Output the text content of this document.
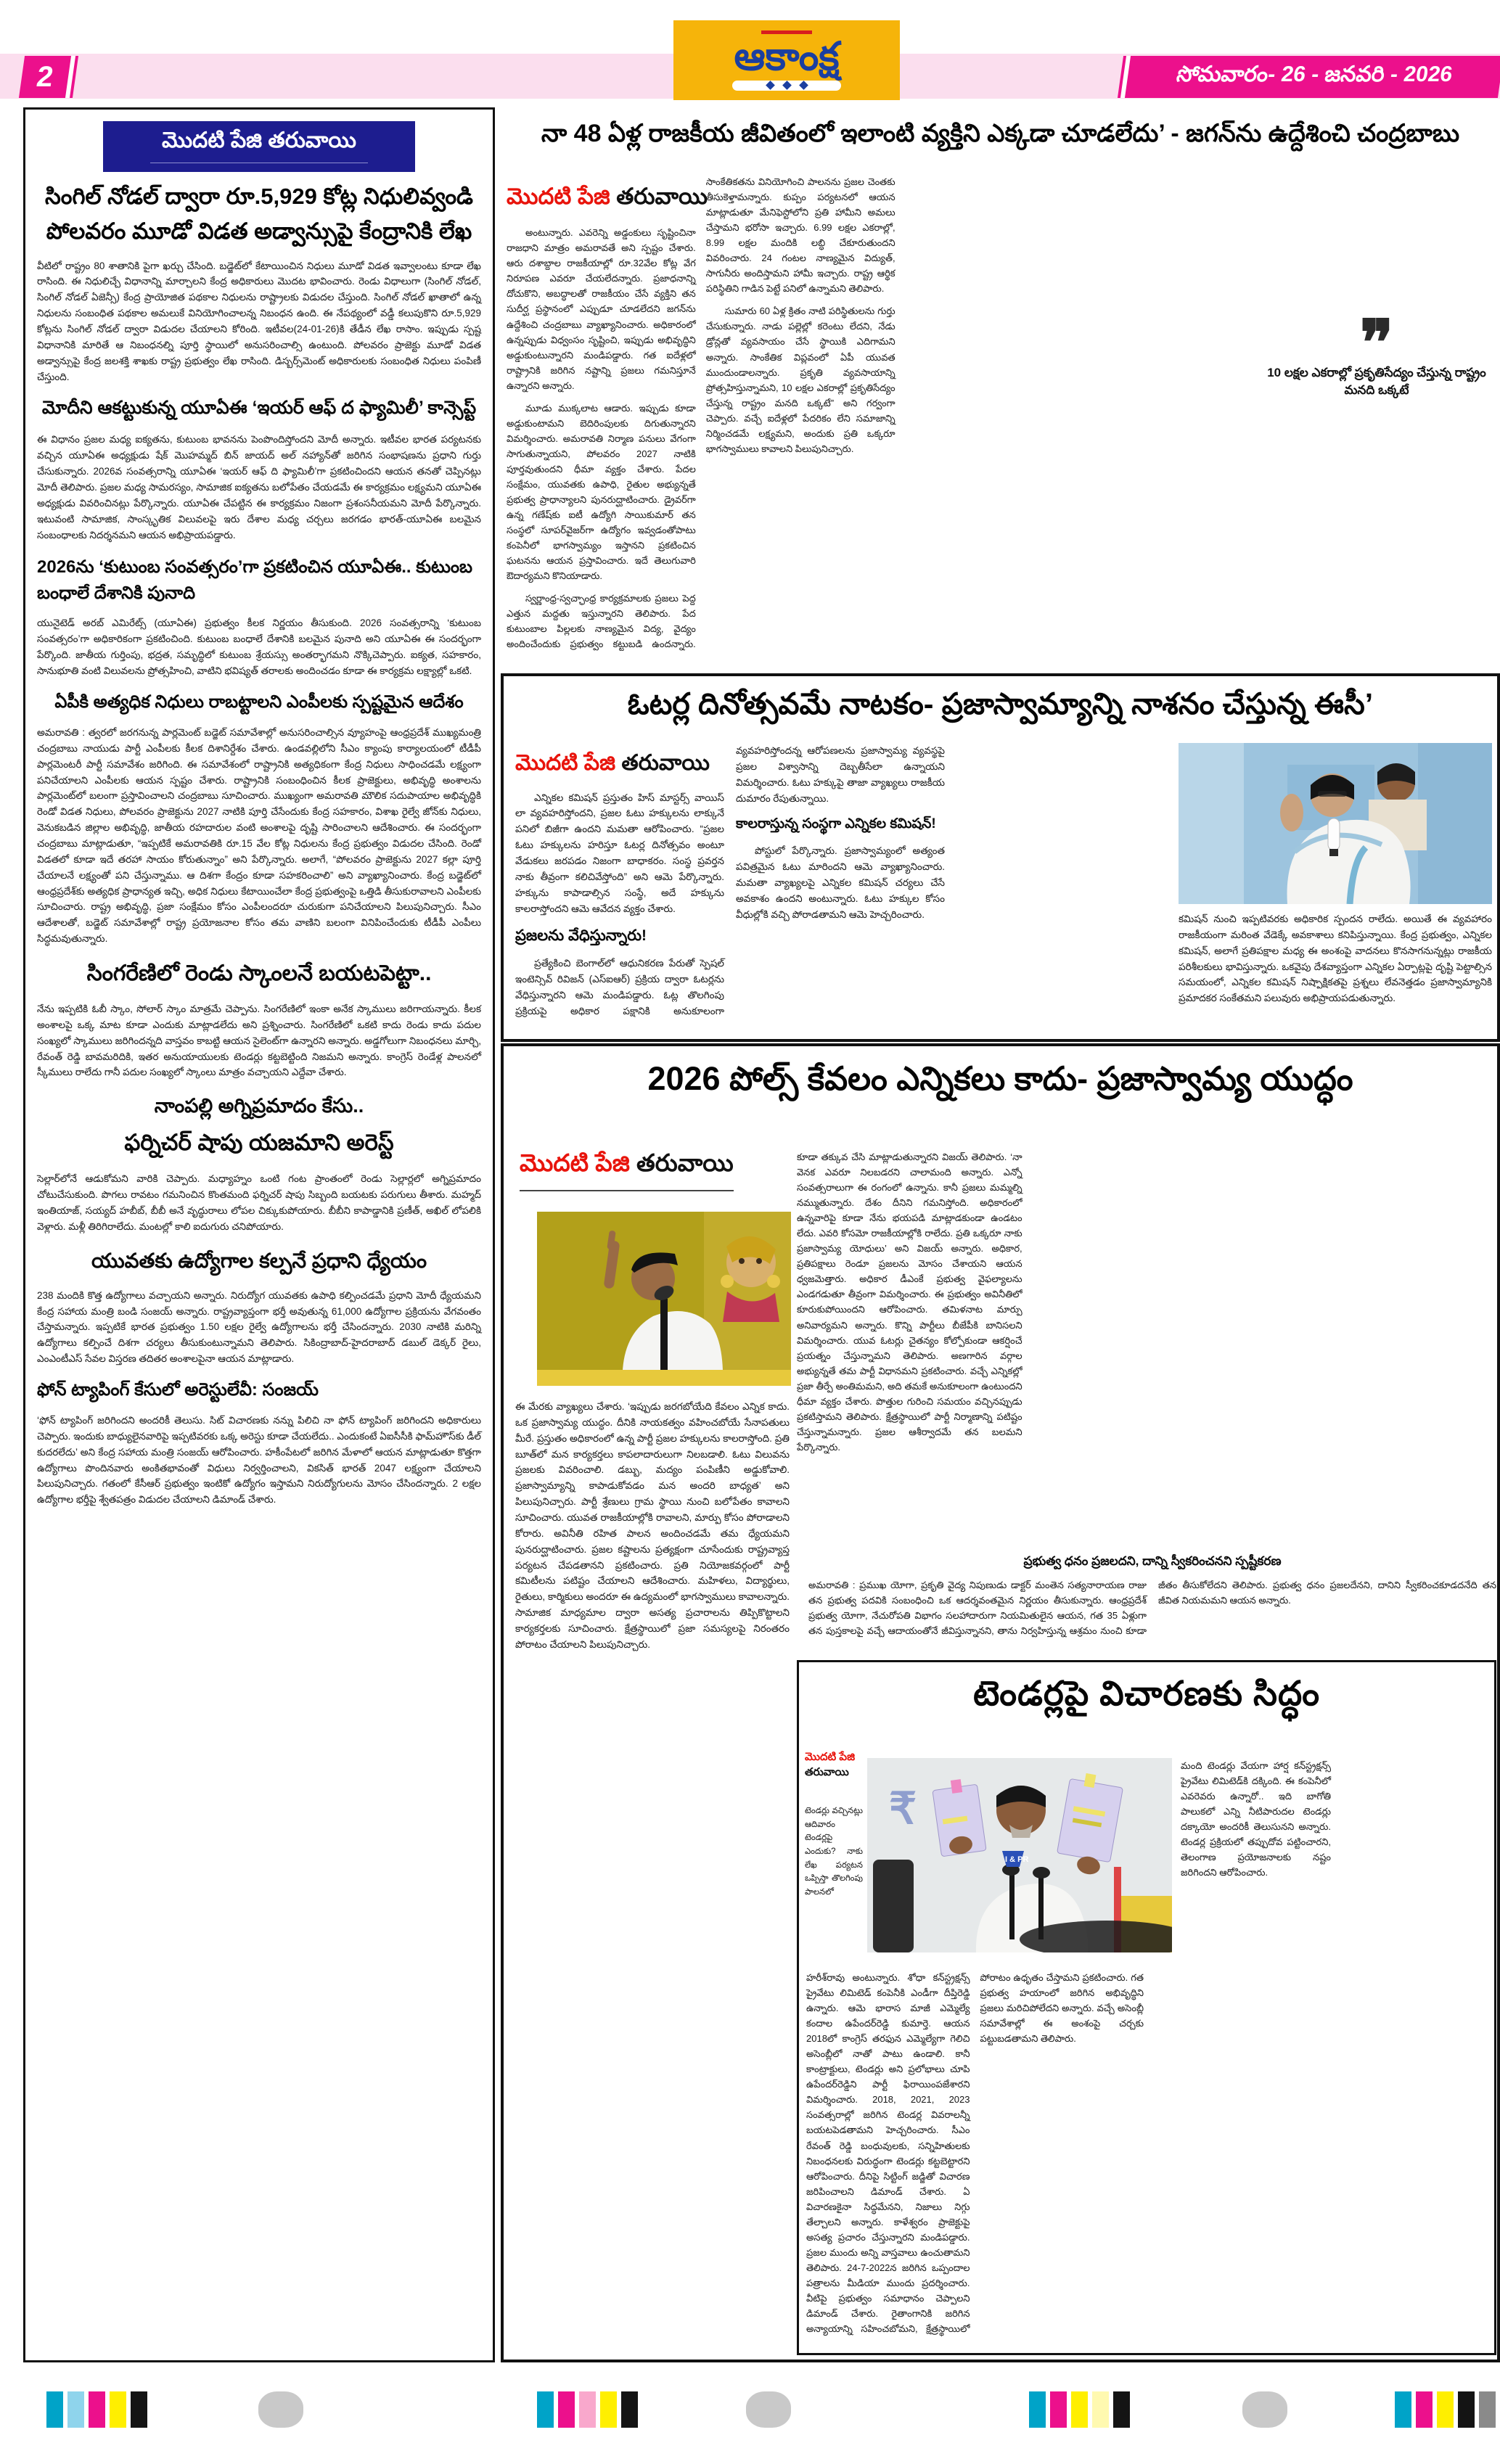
2	సోమవారం- 26 - జనవరి - 2026
ఆకాంక్ష
మొదటి పేజి తరువాయి
సింగిల్ నోడల్‌ ద్వారా రూ.5,929 కోట్ల నిధులివ్వండి
పోలవరం మూడో విడత అడ్వాన్సుపై కేంద్రానికి లేఖ
వీటిలో రాష్ట్రం 80 శాతానికి పైగా ఖర్చు చేసింది. బడ్జెట్‌లో కేటాయించిన నిధులు మూడో విడత ఇవ్వాలంటు కూడా లేఖ రాసింది. ఈ నిధులిచ్చే విధానాన్ని మార్చాలని కేంద్ర అధికారులు మొదట భావించారు. రెండు విధాలుగా (సింగిల్ నోడల్, సింగిల్ నోడల్ ఏజెన్సీ) కేంద్ర ప్రాయోజిత పథకాల నిధులను రాష్ట్రాలకు విడుదల చేస్తుంది. సింగిల్ నోడల్ ఖాతాలో ఉన్న నిధులను సంబంధిత పథకాల అమలుకే వినియోగించాలన్న నిబంధన ఉంది. ఈ నేపథ్యంలో వడ్డీ కలుపుకొని రూ.5,929 కోట్లను సింగిల్ నోడల్ ద్వారా విడుదల చేయాలని కోరింది. ఇటీవల(24-01-26)కి తేడీన లేఖ రాసాం. ఇప్పుడు స్పష్ట విధానానికి మారితే ఆ నిబంధనల్ని పూర్తి స్థాయిలో అనుసరించాల్సి ఉంటుంది. పోలవరం ప్రాజెక్టు మూడో విడత అడ్వాన్సుపై కేంద్ర జలశక్తి శాఖకు రాష్ట్ర ప్రభుత్వం లేఖ రాసింది. డిస్బర్స్‌మెంట్ అధికారులకు సంబంధిత నిధులు పంపిణీ చేస్తుంది.
మోదీని ఆకట్టుకున్న యూఏఈ ‘ఇయర్ ఆఫ్ ద ఫ్యామిలీ’ కాన్సెప్ట్
ఈ విధానం ప్రజల మధ్య ఐక్యతను, కుటుంబ భావనను పెంపొందిస్తోందని మోదీ అన్నారు. ఇటీవల భారత పర్యటనకు వచ్చిన యూఏఈ అధ్యక్షుడు షేక్ మొహమ్మద్ బిన్ జాయద్ అల్ నహ్యాన్‌తో జరిగిన సంభాషణను ప్రధాని గుర్తు చేసుకున్నారు. 2026వ సంవత్సరాన్ని యూఏఈ ‘ఇయర్ ఆఫ్ ది ఫ్యామిలీ’గా ప్రకటించిందని ఆయన తనతో చెప్పినట్లు మోదీ తెలిపారు. ప్రజల మధ్య సామరస్యం, సామాజిక ఐక్యతను బలోపేతం చేయడమే ఈ కార్యక్రమం లక్ష్యమని యూఏఈ అధ్యక్షుడు వివరించినట్లు పేర్కొన్నారు. యూఏఈ చేపట్టిన ఈ కార్యక్రమం నిజంగా ప్రశంసనీయమని మోదీ పేర్కొన్నారు. ఇటువంటి సామాజిక, సాంస్కృతిక విలువలపై ఇరు దేశాల మధ్య చర్చలు జరగడం భారత్-యూఏఈ బలమైన సంబంధాలకు నిదర్శనమని ఆయన అభిప్రాయపడ్డారు.
2026ను ‘కుటుంబ సంవత్సరం’గా ప్రకటించిన యూఏఈ.. కుటుంబ బంధాలే దేశానికి పునాది
యునైటెడ్ అరబ్ ఎమిరేట్స్ (యూఏఈ) ప్రభుత్వం కీలక నిర్ణయం తీసుకుంది. 2026 సంవత్సరాన్ని ‘కుటుంబ సంవత్సరం’గా అధికారికంగా ప్రకటించింది. కుటుంబ బంధాలే దేశానికి బలమైన పునాది అని యూఏఈ ఈ సందర్భంగా పేర్కొంది. జాతీయ గుర్తింపు, భద్రత, సమృద్ధిలో కుటుంబ శ్రేయస్సు అంతర్భాగమని నొక్కిచెప్పారు. ఐక్యత, సహకారం, సానుభూతి వంటి విలువలను ప్రోత్సహించి, వాటిని భవిష్యత్ తరాలకు అందించడం కూడా ఈ కార్యక్రమ లక్ష్యాల్లో ఒకటి.
ఏపీకి అత్యధిక నిధులు రాబట్టాలని ఎంపీలకు స్పష్టమైన ఆదేశం
అమరావతి : త్వరలో జరగనున్న పార్లమెంట్ బడ్జెట్ సమావేశాల్లో అనుసరించాల్సిన వ్యూహంపై ఆంధ్రప్రదేశ్ ముఖ్యమంత్రి చంద్రబాబు నాయుడు పార్టీ ఎంపీలకు కీలక దిశానిర్దేశం చేశారు. ఉండవల్లిలోని సీఎం క్యాంపు కార్యాలయంలో టీడీపీ పార్లమెంటరీ పార్టీ సమావేశం జరిగింది. ఈ సమావేశంలో రాష్ట్రానికి అత్యధికంగా కేంద్ర నిధులు సాధించడమే లక్ష్యంగా పనిచేయాలని ఎంపీలకు ఆయన స్పష్టం చేశారు. రాష్ట్రానికి సంబంధించిన కీలక ప్రాజెక్టులు, అభివృద్ధి అంశాలను పార్లమెంట్‌లో బలంగా ప్రస్తావించాలని చంద్రబాబు సూచించారు. ముఖ్యంగా అమరావతి మౌలిక సదుపాయాల అభివృద్ధికి రెండో విడత నిధులు, పోలవరం ప్రాజెక్టును 2027 నాటికి పూర్తి చేసేందుకు కేంద్ర సహకారం, విశాఖ రైల్వే జోన్‌కు నిధులు, వెనుకబడిన జిల్లాల అభివృద్ధి, జాతీయ రహదారుల వంటి అంశాలపై దృష్టి సారించాలని ఆదేశించారు. ఈ సందర్భంగా చంద్రబాబు మాట్లాడుతూ, “ఇప్పటికే అమరావతికి రూ.15 వేల కోట్ల నిధులను కేంద్ర ప్రభుత్వం విడుదల చేసింది. రెండో విడతలో కూడా ఇదే తరహా సాయం కోరుతున్నాం” అని పేర్కొన్నారు. అలాగే, “పోలవరం ప్రాజెక్టును 2027 కల్లా పూర్తి చేయాలనే లక్ష్యంతో పని చేస్తున్నాము. ఆ దిశగా కేంద్రం కూడా సహకరించాలి” అని వ్యాఖ్యానించారు. కేంద్ర బడ్జెట్‌లో ఆంధ్రప్రదేశ్‌కు అత్యధిక ప్రాధాన్యత ఇచ్చి, అధిక నిధులు కేటాయించేలా కేంద్ర ప్రభుత్వంపై ఒత్తిడి తీసుకురావాలని ఎంపీలకు సూచించారు. రాష్ట్ర అభివృద్ధి, ప్రజా సంక్షేమం కోసం ఎంపీలందరూ చురుకుగా పనిచేయాలని పిలుపునిచ్చారు. సీఎం ఆదేశాలతో, బడ్జెట్ సమావేశాల్లో రాష్ట్ర ప్రయోజనాల కోసం తమ వాణిని బలంగా వినిపించేందుకు టీడీపీ ఎంపీలు సిద్ధమవుతున్నారు.
సింగరేణిలో రెండు స్కాంలనే బయటపెట్టా..
నేను ఇప్పటికి ఓబీ స్కాం, సోలార్ స్కాం మాత్రమే చెప్పాను. సింగరేణిలో ఇంకా అనేక స్కాములు జరిగాయన్నారు. కీలక అంశాలపై ఒక్క మాట కూడా ఎందుకు మాట్లాడలేదు అని ప్రశ్నించారు. సింగరేణిలో ఒకటి కాదు రెండు కాదు పదుల సంఖ్యలో స్కాములు జరిగిందన్నది వాస్తవం కాబట్టి ఆయన సైలెంట్‌గా ఉన్నారని అన్నారు. అడ్డగోలుగా నిబంధనలు మార్చి, రేవంత్ రెడ్డి బావమరిదికి, ఇతర అనుయాయులకు టెండర్లు కట్టబెట్టింది నిజమని అన్నారు. కాంగ్రెస్ రెండేళ్ల పాలనలో స్కీములు రాలేదు గానీ పదుల సంఖ్యలో స్కాంలు మాత్రం వచ్చాయని ఎద్దేవా చేశారు.
నాంపల్లి అగ్నిప్రమాదం కేసు..
ఫర్నిచర్ షాపు యజమాని అరెస్ట్
సెల్లార్‌లోనే ఆడుకోమని వారికి చెప్పారు. మధ్యాహ్నం ఒంటి గంట ప్రాంతంలో రెండు సెల్లార్లలో అగ్నిప్రమాదం చోటుచేసుకుంది. పొగలు రావటం గమనించిన కొంతమంది ఫర్నిచర్ షాపు సిబ్బంది బయటకు పరుగులు తీశారు. మహ్మద్ ఇంతియాజ్, సయ్యద్ హబీబ్, బీబీ అనే వృద్ధురాలు లోపల చిక్కుకుపోయారు. బీబీని కాపాడ్డానికి ప్రణీత్, అఖిల్ లోపలికి వెళ్లారు. మళ్లీ తిరిగిరాలేదు. మంటల్లో కాలి ఐదుగురు చనిపోయారు.
యువతకు ఉద్యోగాల కల్పనే ప్రధాని ధ్యేయం
238 మందికి కొత్త ఉద్యోగాలు వచ్చాయని అన్నారు. నిరుద్యోగ యువతకు ఉపాధి కల్పించడమే ప్రధాని మోదీ ధ్యేయమని కేంద్ర సహాయ మంత్రి బండి సంజయ్ అన్నారు. రాష్ట్రవ్యాప్తంగా భర్తీ అవుతున్న 61,000 ఉద్యోగాల ప్రక్రియను వేగవంతం చేస్తామన్నారు. ఇప్పటికే భారత ప్రభుత్వం 1.50 లక్షల రైల్వే ఉద్యోగాలను భర్తీ చేసిందన్నారు. 2030 నాటికి మరిన్ని ఉద్యోగాలు కల్పించే దిశగా చర్యలు తీసుకుంటున్నామని తెలిపారు. సికింద్రాబాద్-హైదరాబాద్ డబుల్ డెక్కర్ రైలు, ఎంఎంటీఎస్ సేవల విస్తరణ తదితర అంశాలపైనా ఆయన మాట్లాడారు.
ఫోన్ ట్యాపింగ్ కేసులో అరెస్టులేవీ: సంజయ్
‘ఫోన్ ట్యాపింగ్ జరిగిందని అందరికీ తెలుసు. సిట్ విచారణకు నన్ను పిలిచి నా ఫోన్ ట్యాపింగ్ జరిగిందని అధికారులు చెప్పారు. ఇందుకు బాధ్యులైనవారిపై ఇప్పటివరకు ఒక్క అరెస్టు కూడా చేయలేదు.. ఎందుకంటే ఏఐసీసీకి ఫామ్‌హౌస్‌కు డీల్ కుదరలేదు’ అని కేంద్ర సహాయ మంత్రి సంజయ్ ఆరోపించారు. హకీంపేటలో జరిగిన మేళాలో ఆయన మాట్లాడుతూ కొత్తగా ఉద్యోగాలు పొందినవారు అంకితభావంతో విధులు నిర్వర్తించాలని, వికసిత్ భారత్ 2047 లక్ష్యంగా చేయాలని పిలుపునిచ్చారు. గతంలో కేసీఆర్ ప్రభుత్వం ఇంటికో ఉద్యోగం ఇస్తామని నిరుద్యోగులను మోసం చేసిందన్నారు. 2 లక్షల ఉద్యోగాల భర్తీపై శ్వేతపత్రం విడుదల చేయాలని డిమాండ్ చేశారు.
నా 48 ఏళ్ల రాజకీయ జీవితంలో ఇలాంటి వ్యక్తిని ఎక్కడా చూడలేదు’ - జగన్‌ను ఉద్దేశించి చంద్రబాబు
మొదటి పేజి తరువాయి

అంటున్నారు. ఎవరెన్ని అడ్డంకులు సృష్టించినా రాజధాని మాత్రం అమరావతే అని స్పష్టం చేశారు. ఆరు దశాబ్దాల రాజకీయాల్లో రూ.32వేల కోట్ల వేగ నిరూపణ ఎవరూ చేయలేదన్నారు. ప్రజాధనాన్ని దోచుకొని, అబద్ధాలతో రాజకీయం చేసే వ్యక్తిని తన సుదీర్ఘ ప్రస్థానంలో ఎప్పుడూ చూడలేదని జగన్‌ను ఉద్దేశించి చంద్రబాబు వ్యాఖ్యానించారు. అధికారంలో ఉన్నప్పుడు విధ్వంసం సృష్టించి, ఇప్పుడు అభివృద్ధిని అడ్డుకుంటున్నారని మండిపడ్డారు. గత ఐదేళ్లలో రాష్ట్రానికి జరిగిన నష్టాన్ని ప్రజలు గమనిస్తూనే ఉన్నారని అన్నారు.

మూడు ముక్కలాట ఆడారు. ఇప్పుడు కూడా అడ్డుకుంటామని బెదిరింపులకు దిగుతున్నారని విమర్శించారు. అమరావతి నిర్మాణ పనులు వేగంగా సాగుతున్నాయని, పోలవరం 2027 నాటికి పూర్తవుతుందని ధీమా వ్యక్తం చేశారు. పేదల సంక్షేమం, యువతకు ఉపాధి, రైతుల అభ్యున్నతే ప్రభుత్వ ప్రాధాన్యాలని పునరుద్ఘాటించారు. డ్రైవర్‌గా ఉన్న గణేష్‌కు ఐటీ ఉద్యోగి సాయికుమార్ తన సంస్థలో సూపర్‌వైజర్‌గా ఉద్యోగం ఇవ్వడంతోపాటు కంపెనీలో భాగస్వామ్యం ఇస్తానని ప్రకటించిన ఘటనను ఆయన ప్రస్తావించారు. ఇదే తెలుగువారి ఔదార్యమని కొనియాడారు.

స్వర్ణాంధ్ర-స్వచ్ఛాంధ్ర కార్యక్రమాలకు ప్రజలు పెద్ద ఎత్తున మద్దతు ఇస్తున్నారని తెలిపారు. పేద కుటుంబాల పిల్లలకు నాణ్యమైన విద్య, వైద్యం అందించేందుకు ప్రభుత్వం కట్టుబడి ఉందన్నారు. సాంకేతికతను వినియోగించి పాలనను ప్రజల చెంతకు తీసుకెళ్తామన్నారు. కుప్పం పర్యటనలో ఆయన మాట్లాడుతూ మేనిఫెస్టోలోని ప్రతి హామీని అమలు చేస్తామని భరోసా ఇచ్చారు. 6.99 లక్షల ఎకరాల్లో, 8.99 లక్షల మందికి లబ్ధి చేకూరుతుందని వివరించారు. 24 గంటల నాణ్యమైన విద్యుత్, సాగునీరు అందిస్తామని హామీ ఇచ్చారు. రాష్ట్ర ఆర్థిక పరిస్థితిని గాడిన పెట్టే పనిలో ఉన్నామని తెలిపారు.

సుమారు 60 ఏళ్ల క్రితం నాటి పరిస్థితులను గుర్తు చేసుకున్నారు. నాడు పల్లెల్లో కరెంటు లేదని, నేడు డ్రోన్లతో వ్యవసాయం చేసే స్థాయికి ఎదిగామని అన్నారు. సాంకేతిక విప్లవంలో ఏపీ యువత ముందుండాలన్నారు. ప్రకృతి వ్యవసాయాన్ని ప్రోత్సహిస్తున్నామని, 10 లక్షల ఎకరాల్లో ప్రకృతిసేద్యం చేస్తున్న రాష్ట్రం మనది ఒక్కటే” అని గర్వంగా చెప్పారు. వచ్చే ఐదేళ్లలో పేదరికం లేని సమాజాన్ని నిర్మించడమే లక్ష్యమని, అందుకు ప్రతి ఒక్కరూ భాగస్వాములు కావాలని పిలుపునిచ్చారు.

❞
10 లక్షల ఎకరాల్లో ప్రకృతిసేద్యం చేస్తున్న రాష్ట్రం మనది ఒక్కటే
ఓటర్ల దినోత్సవమే నాటకం- ప్రజాస్వామ్యాన్ని నాశనం చేస్తున్న ఈసీ’
మొదటి పేజి తరువాయి

ఎన్నికల కమిషన్ ప్రస్తుతం హిస్ మాస్టర్స్ వాయిస్ లా వ్యవహరిస్తోందని, ప్రజల ఓటు హక్కులను లాక్కునే పనిలో బిజీగా ఉందని మమతా ఆరోపించారు. “ప్రజల ఓటు హక్కులను హరిస్తూ ఓటర్ల దినోత్సవం అంటూ వేడుకలు జరపడం నిజంగా బాధాకరం. సంస్థ ప్రవర్తన నాకు తీవ్రంగా కలిచివేస్తోంది” అని ఆమె పేర్కొన్నారు. హక్కును కాపాడాల్సిన సంస్థే, అదే హక్కును కాలరాస్తోందని ఆమె ఆవేదన వ్యక్తం చేశారు.

ప్రజలను వేధిస్తున్నారు!

ప్రత్యేకించి బెంగాల్‌లో ఆధునికరణ పేరుతో స్పెషల్ ఇంటెన్సివ్ రివిజన్ (ఎస్ఐఆర్) ప్రక్రియ ద్వారా ఓటర్లను వేధిస్తున్నారని ఆమె మండిపడ్డారు. ఓట్ల తొలగింపు ప్రక్రియపై అధికార పక్షానికి అనుకూలంగా వ్యవహరిస్తోందన్న ఆరోపణలను ప్రజాస్వామ్య వ్యవస్థపై ప్రజల విశ్వాసాన్ని దెబ్బతీసేలా ఉన్నాయని విమర్శించారు. ఓటు హక్కుపై తాజా వ్యాఖ్యలు రాజకీయ దుమారం రేపుతున్నాయి.

కాలరాస్తున్న సంస్థగా ఎన్నికల కమిషన్!

పోస్టులో పేర్కొన్నారు. ప్రజాస్వామ్యంలో అత్యంత పవిత్రమైన ఓటు మారిందని ఆమె వ్యాఖ్యానించారు. మమతా వ్యాఖ్యలపై ఎన్నికల కమిషన్ చర్యలు చేసే అవకాశం ఉందని అంటున్నారు. ఓటు హక్కుల కోసం వీధుల్లోకి వచ్చి పోరాడతామని ఆమె హెచ్చరించారు.	కమిషన్ నుంచి ఇప్పటివరకు అధికారిక స్పందన రాలేదు. అయితే ఈ వ్యవహారం రాజకీయంగా మరింత వేడెక్కే అవకాశాలు కనిపిస్తున్నాయి. కేంద్ర ప్రభుత్వం, ఎన్నికల కమిషన్, అలాగే ప్రతిపక్షాల మధ్య ఈ అంశంపై వాదనలు కొనసాగనున్నట్లు రాజకీయ పరిశీలకులు భావిస్తున్నారు. ఒకవైపు దేశవ్యాప్తంగా ఎన్నికల ఏర్పాట్లపై దృష్టి పెట్టాల్సిన సమయంలో, ఎన్నికల కమిషన్ నిష్పాక్షికతపై ప్రశ్నలు లేవనెత్తడం ప్రజాస్వామ్యానికి ప్రమాదకర సంకేతమని పలువురు అభిప్రాయపడుతున్నారు.
2026 పోల్స్ కేవలం ఎన్నికలు కాదు- ప్రజాస్వామ్య యుద్ధం
మొదటి పేజి తరువాయి
ఈ మేరకు వ్యాఖ్యలు చేశారు. ‘ఇప్పుడు జరగబోయేది కేవలం ఎన్నిక కాదు. ఒక ప్రజాస్వామ్య యుద్ధం. దీనికి నాయకత్వం వహించబోయే సేనాపతులు మీరే. ప్రస్తుతం అధికారంలో ఉన్న పార్టీ ప్రజల హక్కులను కాలరాస్తోంది. ప్రతి బూత్‌లో మన కార్యకర్తలు కాపలాదారులుగా నిలబడాలి. ఓటు విలువను ప్రజలకు వివరించాలి. డబ్బు, మద్యం పంపిణీని అడ్డుకోవాలి. ప్రజాస్వామ్యాన్ని కాపాడుకోవడం మన అందరి బాధ్యత’ అని పిలుపునిచ్చారు. పార్టీ శ్రేణులు గ్రామ స్థాయి నుంచి బలోపేతం కావాలని సూచించారు. యువత రాజకీయాల్లోకి రావాలని, మార్పు కోసం పోరాడాలని కోరారు. అవినీతి రహిత పాలన అందించడమే తమ ధ్యేయమని పునరుద్ఘాటించారు. ప్రజల కష్టాలను ప్రత్యక్షంగా చూసేందుకు రాష్ట్రవ్యాప్త పర్యటన చేపడతానని ప్రకటించారు. ప్రతి నియోజకవర్గంలో పార్టీ కమిటీలను పటిష్టం చేయాలని ఆదేశించారు. మహిళలు, విద్యార్థులు, రైతులు, కార్మికులు అందరూ ఈ ఉద్యమంలో భాగస్వాములు కావాలన్నారు. సామాజిక మాధ్యమాల ద్వారా అసత్య ప్రచారాలను తిప్పికొట్టాలని కార్యకర్తలకు సూచించారు. క్షేత్రస్థాయిలో ప్రజా సమస్యలపై నిరంతరం పోరాటం చేయాలని పిలుపునిచ్చారు.
కూడా తక్కువ చేసి మాట్లాడుతున్నారని విజయ్ తెలిపారు. ‘నా వెనక ఎవరూ నిలబడరని చాలామంది అన్నారు. ఎన్నో సంవత్సరాలుగా ఈ రంగంలో ఉన్నాను. కానీ ప్రజలు మమ్మల్ని నమ్ముతున్నారు. దేశం దీనిని గమనిస్తోంది. అధికారంలో ఉన్నవారిపై కూడా నేను భయపడి మాట్లాడకుండా ఉండటం లేదు. ఎవరి కోసమో రాజకీయాల్లోకి రాలేదు. ప్రతి ఒక్కరూ నాకు ప్రజాస్వామ్య యోధులు’ అని విజయ్ అన్నారు. అధికార, ప్రతిపక్షాలు రెండూ ప్రజలను మోసం చేశాయని ఆయన ధ్వజమెత్తారు. అధికార డీఎంకే ప్రభుత్వ వైఫల్యాలను ఎండగడుతూ తీవ్రంగా విమర్శించారు. ఈ ప్రభుత్వం అవినీతిలో కూరుకుపోయిందని ఆరోపించారు. తమిళనాట మార్పు అనివార్యమని అన్నారు. కొన్ని పార్టీలు బీజేపీకి బానిసలని విమర్శించారు. యువ ఓటర్లు చైతన్యం కోల్పోకుండా ఆకర్షించే ప్రయత్నం చేస్తున్నామని తెలిపారు. అణగారిన వర్గాల అభ్యున్నతే తమ పార్టీ విధానమని ప్రకటించారు. వచ్చే ఎన్నికల్లో ప్రజా తీర్పే అంతిమమని, అది తమకే అనుకూలంగా ఉంటుందని ధీమా వ్యక్తం చేశారు. పొత్తుల గురించి సమయం వచ్చినప్పుడు ప్రకటిస్తామని తెలిపారు. క్షేత్రస్థాయిలో పార్టీ నిర్మాణాన్ని పటిష్టం చేస్తున్నామన్నారు. ప్రజల ఆశీర్వాదమే తన బలమని పేర్కొన్నారు.
ప్రభుత్వ ధనం ప్రజలదని, దాన్ని స్వీకరించనని స్పష్టీకరణ
అమరావతి : ప్రముఖ యోగా, ప్రకృతి వైద్య నిపుణుడు డాక్టర్ మంతెన సత్యనారాయణ రాజు తన ప్రభుత్వ పదవికి సంబంధించి ఒక ఆదర్శవంతమైన నిర్ణయం తీసుకున్నారు. ఆంధ్రప్రదేశ్ ప్రభుత్వ యోగా, నేచురోపతి విభాగం సలహాదారుగా నియమితులైన ఆయన, గత 35 ఏళ్లుగా తన పుస్తకాలపై వచ్చే ఆదాయంతోనే జీవిస్తున్నానని, తాను నిర్వహిస్తున్న ఆశ్రమం నుంచి కూడా జీతం తీసుకోలేదని తెలిపారు. ప్రభుత్వ ధనం ప్రజలదేనని, దానిని స్వీకరించకూడదనేది తన జీవిత నియమమని ఆయన అన్నారు.
టెండర్లపై విచారణకు సిద్ధం
మొదటి పేజి
తరువాయి
టెండర్లు వచ్చినట్లు ఆదివారం టెండర్లపై ఎందుకు? నాకు లేఖ పర్యటన ఒప్పిస్తా తొలగింపు పాలనలో
₹
I & PR
మంది టెండర్లు వేయగా హార్ష కన్‌స్ట్రక్షన్స్ ప్రైవేటు లిమిటెడ్‌కి దక్కింది. ఈ కంపెనీలో ఎవరెవరు ఉన్నారో.. ఇది బాగోతి పాలుకలో ఎన్ని నీటిపారుదల టెండర్లు దక్కాయో అందరికీ తెలుసునని అన్నారు. టెండర్ల ప్రక్రియలో తప్పుదోవ పట్టించారని, తెలంగాణ ప్రయోజనాలకు నష్టం జరిగిందని ఆరోపించారు.
హరీశ్‌రావు అంటున్నారు. శోధా కన్‌స్ట్రక్షన్స్ ప్రైవేటు లిమిటెడ్ కంపెనీకి ఎండీగా దీప్తిరెడ్డి ఉన్నారు. ఆమె భారాస మాజీ ఎమ్మెల్యే కందాల ఉపేందర్‌రెడ్డి కుమార్తె. ఆయన 2018లో కాంగ్రెస్ తరఫున ఎమ్మెల్యేగా గెలిచి అసెంబ్లీలో నాతో పాటు ఉండాలి. కానీ కాంట్రాక్టులు, టెండర్లు అని ప్రలోభాలు చూపి ఉపేందర్‌రెడ్డిని పార్టీ ఫిరాయింపజేశారని విమర్శించారు. 2018, 2021, 2023 సంవత్సరాల్లో జరిగిన టెండర్ల వివరాలన్నీ బయటపెడతామని హెచ్చరించారు. సీఎం రేవంత్ రెడ్డి బంధువులకు, సన్నిహితులకు నిబంధనలకు విరుద్ధంగా టెండర్లు కట్టబెట్టారని ఆరోపించారు. దీనిపై సిట్టింగ్ జడ్జితో విచారణ జరిపించాలని డిమాండ్ చేశారు. ఏ విచారణకైనా సిద్ధమేనని, నిజాలు నిగ్గు తేల్చాలని అన్నారు. కాళేశ్వరం ప్రాజెక్టుపై అసత్య ప్రచారం చేస్తున్నారని మండిపడ్డారు. ప్రజల ముందు అన్ని వాస్తవాలు ఉంచుతామని తెలిపారు. 24-7-2022న జరిగిన ఒప్పందాల పత్రాలను మీడియా ముందు ప్రదర్శించారు. వీటిపై ప్రభుత్వం సమాధానం చెప్పాలని డిమాండ్ చేశారు. రైతాంగానికి జరిగిన అన్యాయాన్ని సహించబోమని, క్షేత్రస్థాయిలో పోరాటం ఉధృతం చేస్తామని ప్రకటించారు. గత ప్రభుత్వ హయాంలో జరిగిన అభివృద్ధిని ప్రజలు మరిచిపోలేదని అన్నారు. వచ్చే అసెంబ్లీ సమావేశాల్లో ఈ అంశంపై చర్చకు పట్టుబడతామని తెలిపారు.
